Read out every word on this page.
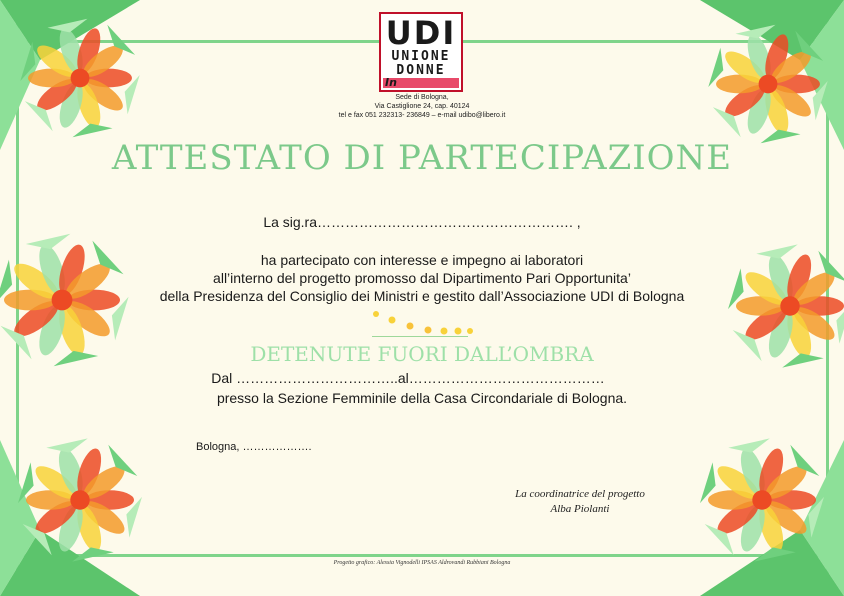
UDI
UNIONE
DONNE
In
Sede di Bologna,
Via Castiglione 24, cap. 40124
tel e fax 051 232313- 236849 – e-mail udibo@libero.it
ATTESTATO DI PARTECIPAZIONE
La sig.ra………………………………………………. ,
ha partecipato con interesse e impegno ai laboratori
all’interno del progetto promosso dal Dipartimento Pari Opportunita’
della Presidenza del Consiglio dei Ministri e gestito dall’Associazione UDI di Bologna
DETENUTE FUORI DALL’OMBRA
Dal ……………………………..al……………………………………
presso la Sezione Femminile della Casa Circondariale di Bologna.
Bologna, ……………….
La coordinatrice del progetto
Alba Piolanti
Progetto grafico: Alessia Vignodelli IPSAS Aldrovandi Rubbiani Bologna
